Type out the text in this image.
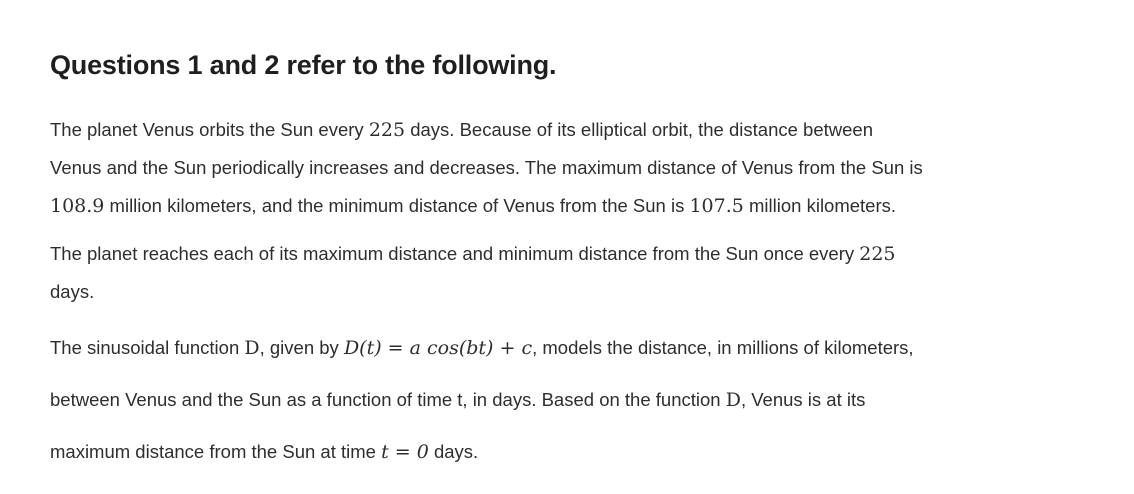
Questions 1 and 2 refer to the following.

The planet Venus orbits the Sun every 225 days. Because of its elliptical orbit, the distance between
Venus and the Sun periodically increases and decreases. The maximum distance of Venus from the Sun is
108.9 million kilometers, and the minimum distance of Venus from the Sun is 107.5 million kilometers.

The planet reaches each of its maximum distance and minimum distance from the Sun once every 225
days.

The sinusoidal function D, given by D(t) = a cos(bt) + c, models the distance, in millions of kilometers,
between Venus and the Sun as a function of time t, in days. Based on the function D, Venus is at its
maximum distance from the Sun at time t = 0 days.
